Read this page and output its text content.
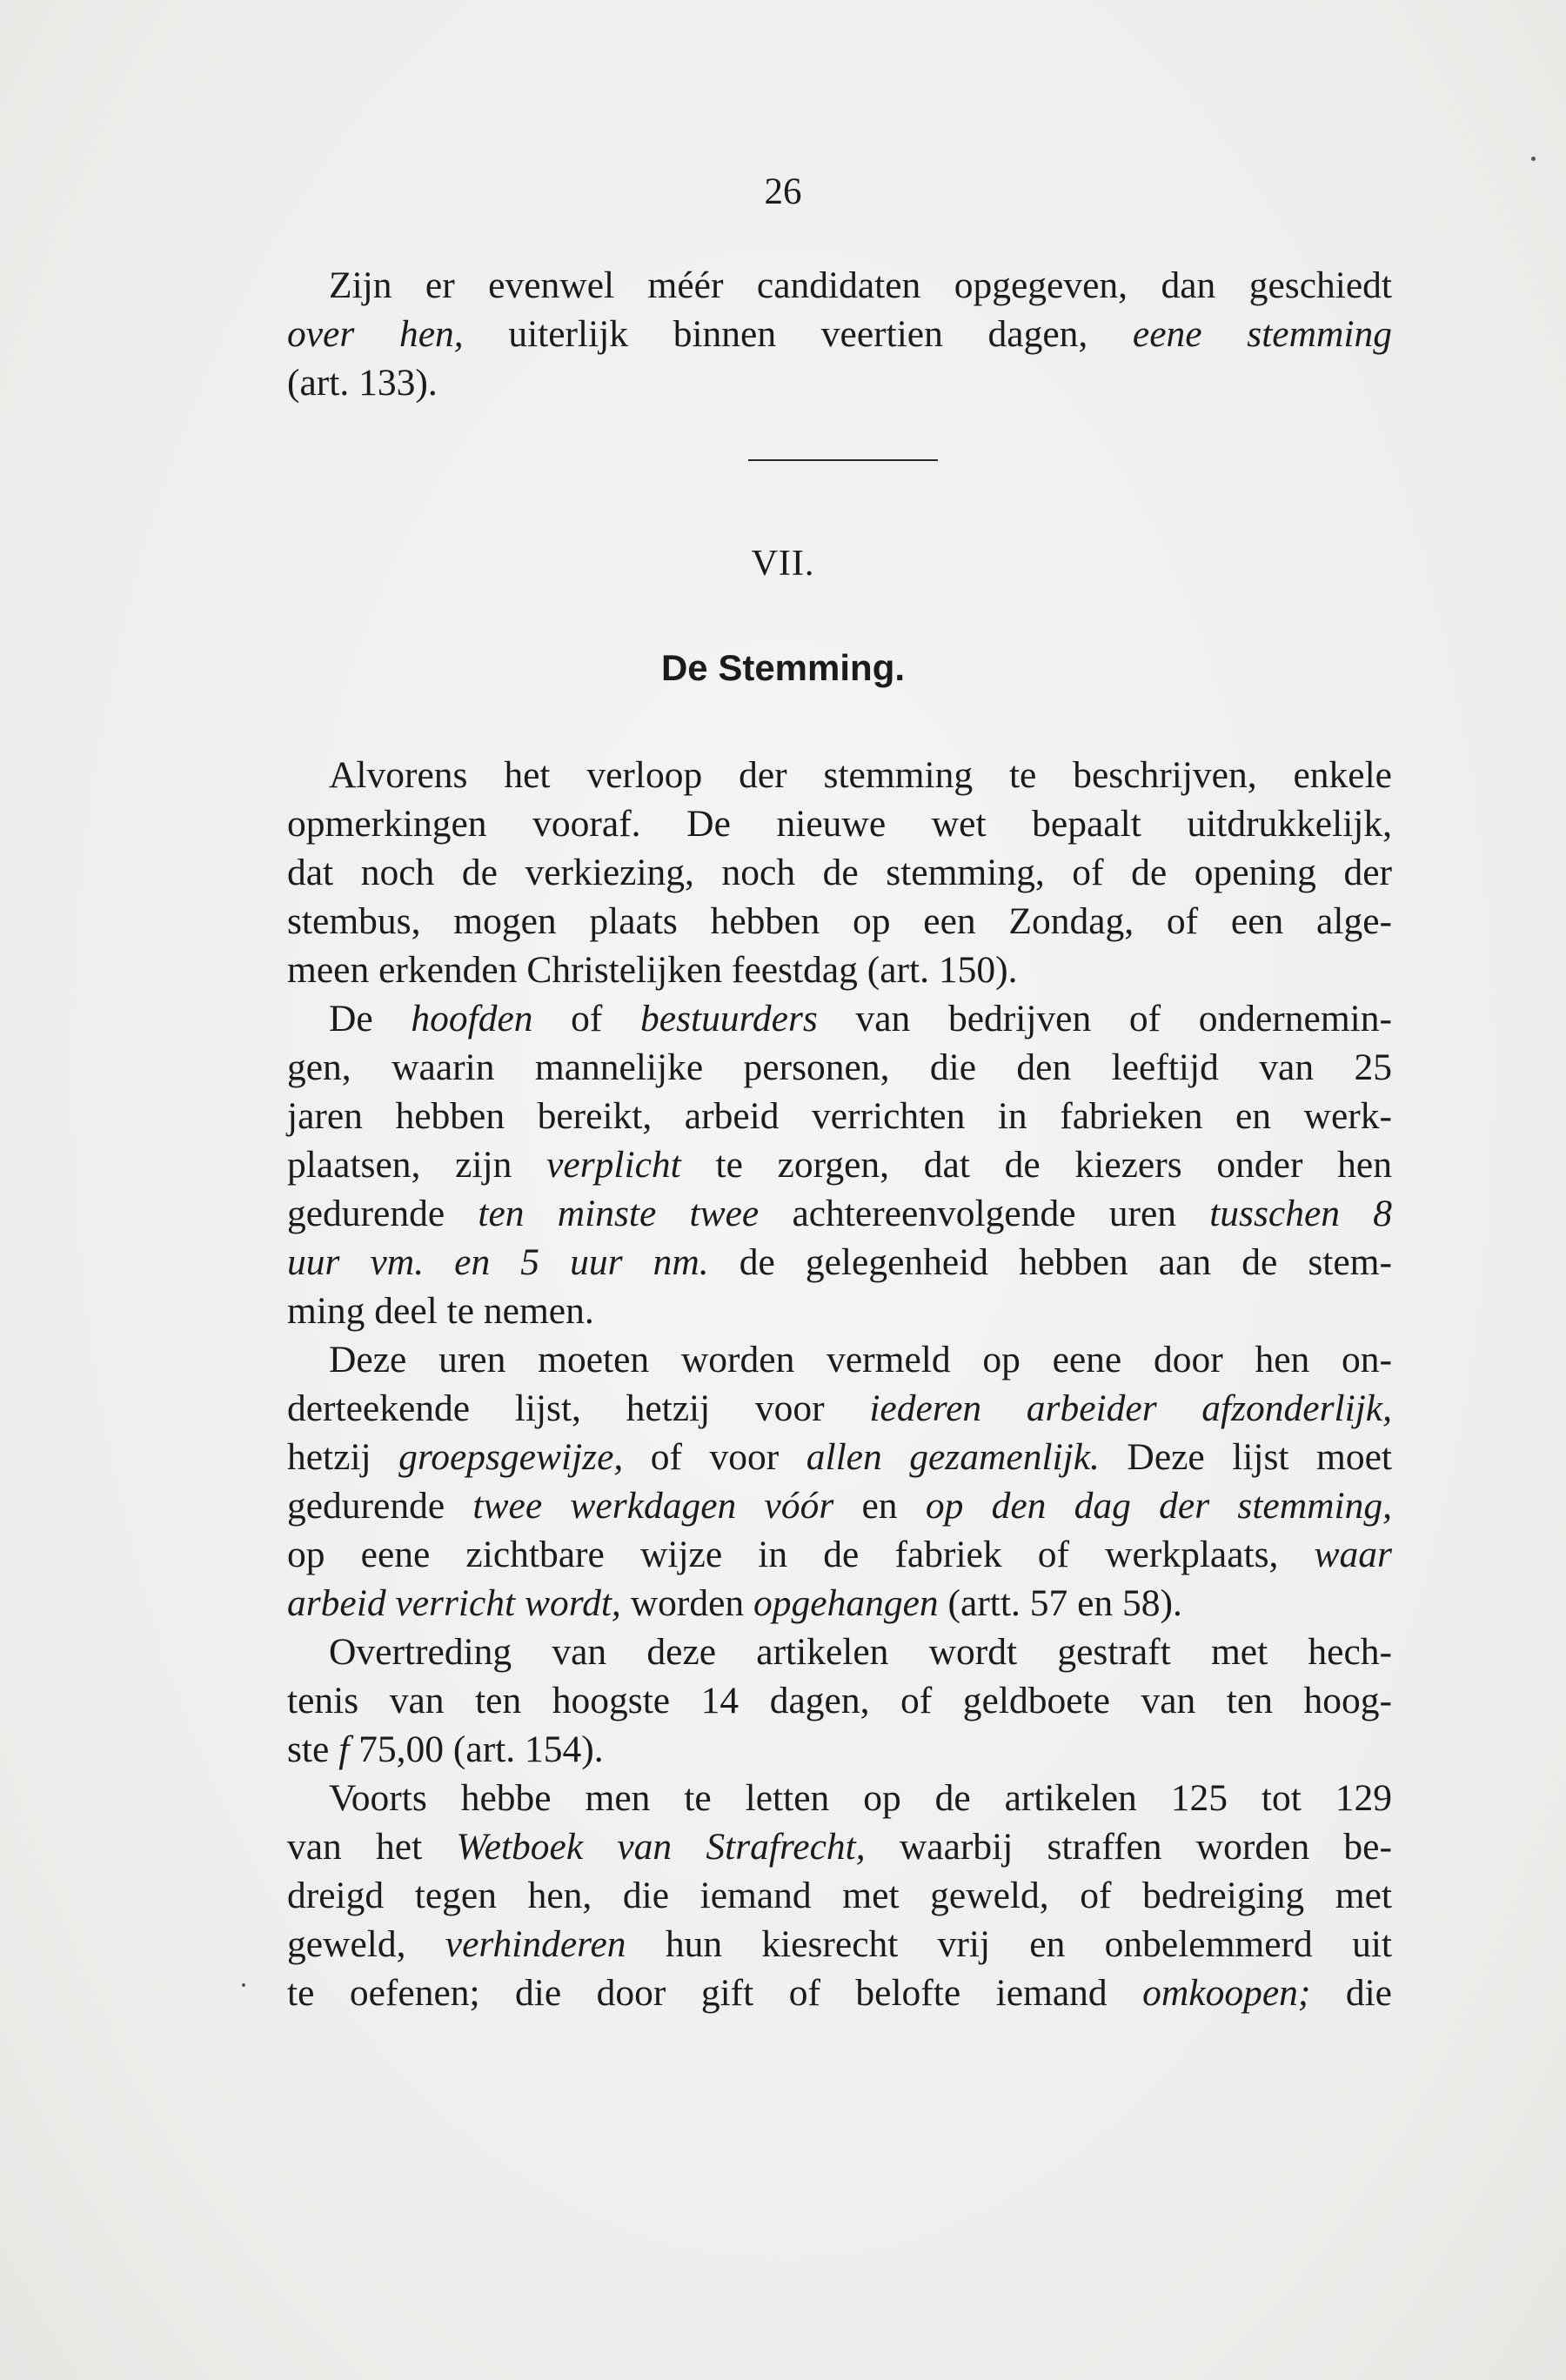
26
Zijn er evenwel méér candidaten opgegeven, dan geschiedt
over hen, uiterlijk binnen veertien dagen, eene stemming
(art. 133).
VII.
De Stemming.
Alvorens het verloop der stemming te beschrijven, enkele
opmerkingen vooraf. De nieuwe wet bepaalt uitdrukkelijk,
dat noch de verkiezing, noch de stemming, of de opening der
stembus, mogen plaats hebben op een Zondag, of een alge-
meen erkenden Christelijken feestdag (art. 150).
De hoofden of bestuurders van bedrijven of ondernemin-
gen, waarin mannelijke personen, die den leeftijd van 25
jaren hebben bereikt, arbeid verrichten in fabrieken en werk-
plaatsen, zijn verplicht te zorgen, dat de kiezers onder hen
gedurende ten minste twee achtereenvolgende uren tusschen 8
uur vm. en 5 uur nm. de gelegenheid hebben aan de stem-
ming deel te nemen.
Deze uren moeten worden vermeld op eene door hen on-
derteekende lijst, hetzij voor iederen arbeider afzonderlijk,
hetzij groepsgewijze, of voor allen gezamenlijk. Deze lijst moet
gedurende twee werkdagen vóór en op den dag der stemming,
op eene zichtbare wijze in de fabriek of werkplaats, waar
arbeid verricht wordt, worden opgehangen (artt. 57 en 58).
Overtreding van deze artikelen wordt gestraft met hech-
tenis van ten hoogste 14 dagen, of geldboete van ten hoog-
ste f 75,00 (art. 154).
Voorts hebbe men te letten op de artikelen 125 tot 129
van het Wetboek van Strafrecht, waarbij straffen worden be-
dreigd tegen hen, die iemand met geweld, of bedreiging met
geweld, verhinderen hun kiesrecht vrij en onbelemmerd uit
te oefenen; die door gift of belofte iemand omkoopen; die
